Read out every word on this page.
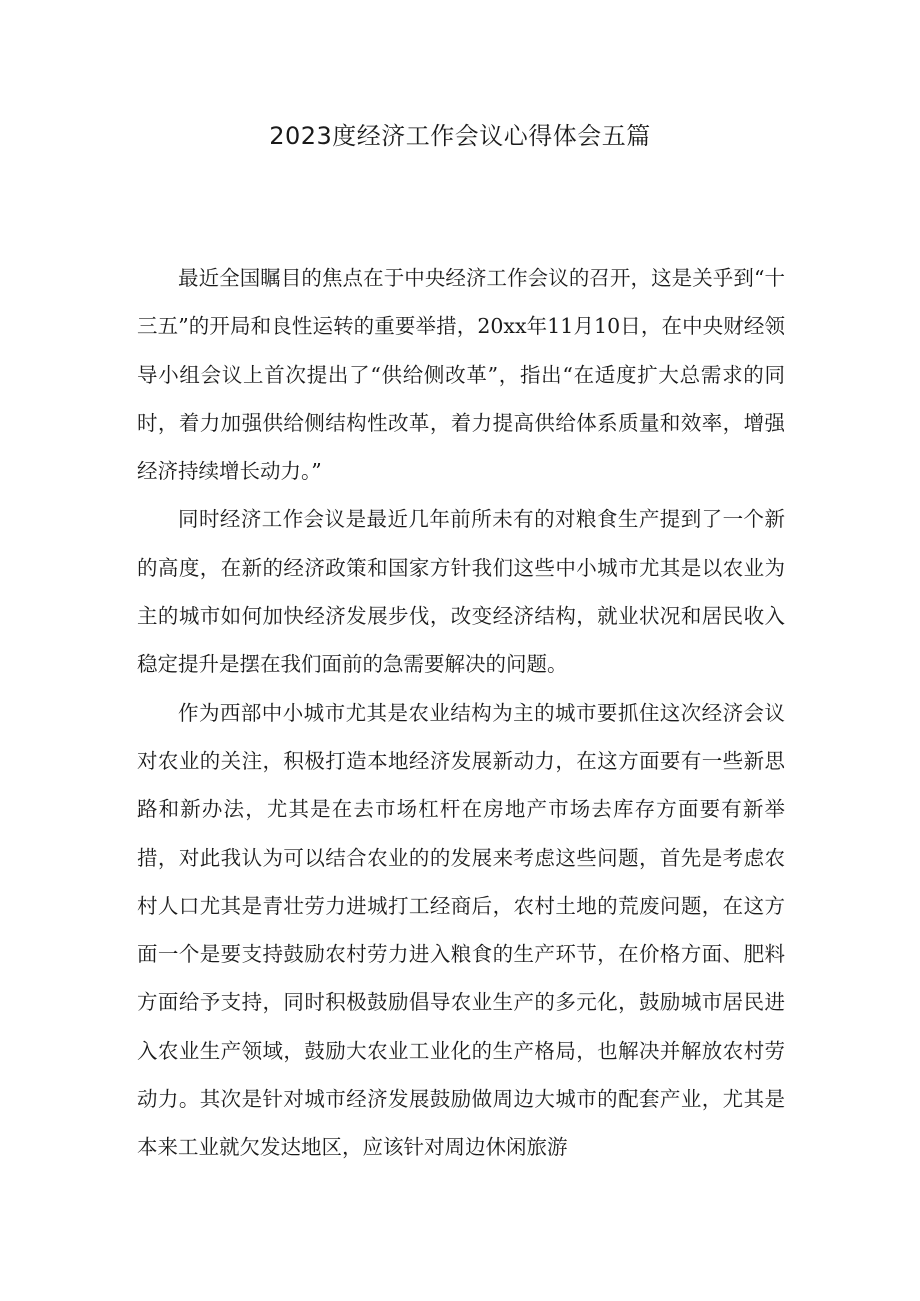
2023度经济工作会议心得体会五篇

最近全国瞩目的焦点在于中央经济工作会议的召开，这是关乎到“十三五”的开局和良性运转的重要举措，20xx年11月10日，在中央财经领导小组会议上首次提出了“供给侧改革”，指出“在适度扩大总需求的同时，着力加强供给侧结构性改革，着力提高供给体系质量和效率，增强经济持续增长动力。”

同时经济工作会议是最近几年前所未有的对粮食生产提到了一个新的高度，在新的经济政策和国家方针我们这些中小城市尤其是以农业为主的城市如何加快经济发展步伐，改变经济结构，就业状况和居民收入稳定提升是摆在我们面前的急需要解决的问题。

作为西部中小城市尤其是农业结构为主的城市要抓住这次经济会议对农业的关注，积极打造本地经济发展新动力，在这方面要有一些新思路和新办法，尤其是在去市场杠杆在房地产市场去库存方面要有新举措，对此我认为可以结合农业的的发展来考虑这些问题，首先是考虑农村人口尤其是青壮劳力进城打工经商后，农村土地的荒废问题，在这方面一个是要支持鼓励农村劳力进入粮食的生产环节，在价格方面、肥料方面给予支持，同时积极鼓励倡导农业生产的多元化，鼓励城市居民进入农业生产领域，鼓励大农业工业化的生产格局，也解决并解放农村劳动力。其次是针对城市经济发展鼓励做周边大城市的配套产业，尤其是本来工业就欠发达地区，应该针对周边休闲旅游
